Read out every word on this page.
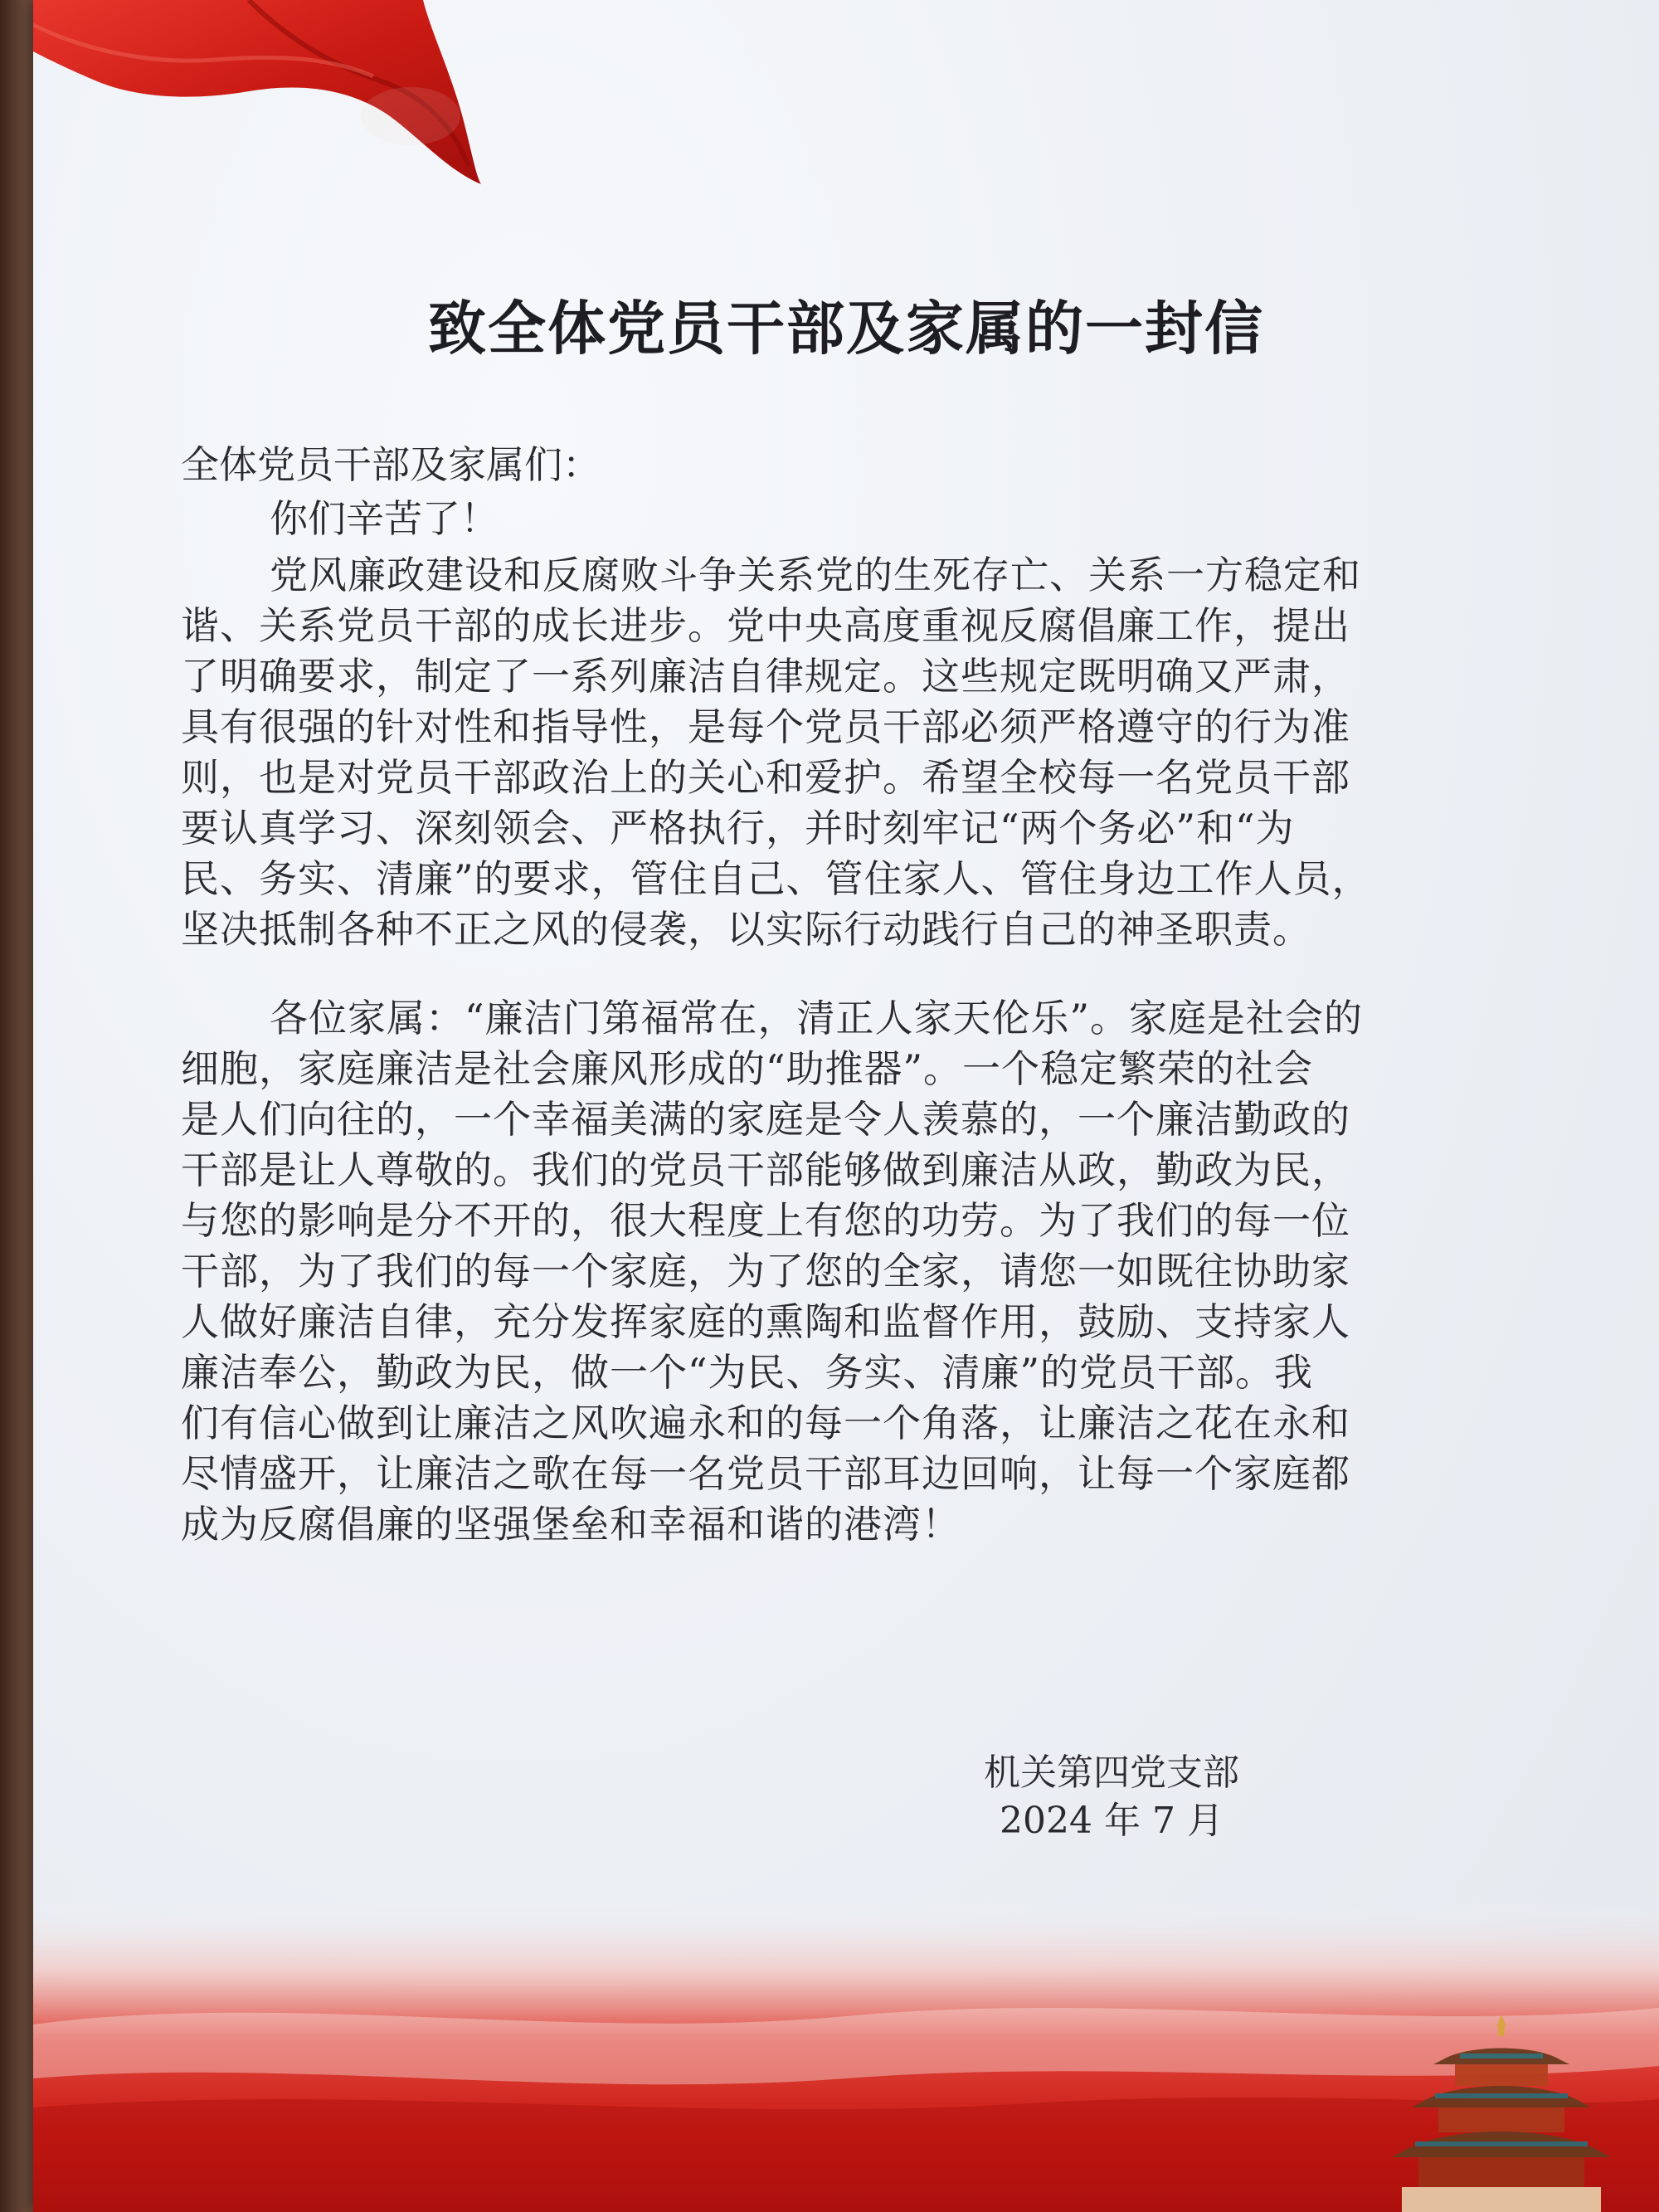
致全体党员干部及家属的一封信

全体党员干部及家属们：

你们辛苦了！

党风廉政建设和反腐败斗争关系党的生死存亡、关系一方稳定和
谐、关系党员干部的成长进步。党中央高度重视反腐倡廉工作，提出
了明确要求，制定了一系列廉洁自律规定。这些规定既明确又严肃，
具有很强的针对性和指导性，是每个党员干部必须严格遵守的行为准
则，也是对党员干部政治上的关心和爱护。希望全校每一名党员干部
要认真学习、深刻领会、严格执行，并时刻牢记“两个务必”和“为
民、务实、清廉”的要求，管住自己、管住家人、管住身边工作人员，
坚决抵制各种不正之风的侵袭，以实际行动践行自己的神圣职责。
各位家属：“廉洁门第福常在，清正人家天伦乐”。家庭是社会的
细胞，家庭廉洁是社会廉风形成的“助推器”。一个稳定繁荣的社会
是人们向往的，一个幸福美满的家庭是令人羡慕的，一个廉洁勤政的
干部是让人尊敬的。我们的党员干部能够做到廉洁从政，勤政为民，
与您的影响是分不开的，很大程度上有您的功劳。为了我们的每一位
干部，为了我们的每一个家庭，为了您的全家，请您一如既往协助家
人做好廉洁自律，充分发挥家庭的熏陶和监督作用，鼓励、支持家人
廉洁奉公，勤政为民，做一个“为民、务实、清廉”的党员干部。我
们有信心做到让廉洁之风吹遍永和的每一个角落，让廉洁之花在永和
尽情盛开，让廉洁之歌在每一名党员干部耳边回响，让每一个家庭都
成为反腐倡廉的坚强堡垒和幸福和谐的港湾！
机关第四党支部
2024 年 7 月
